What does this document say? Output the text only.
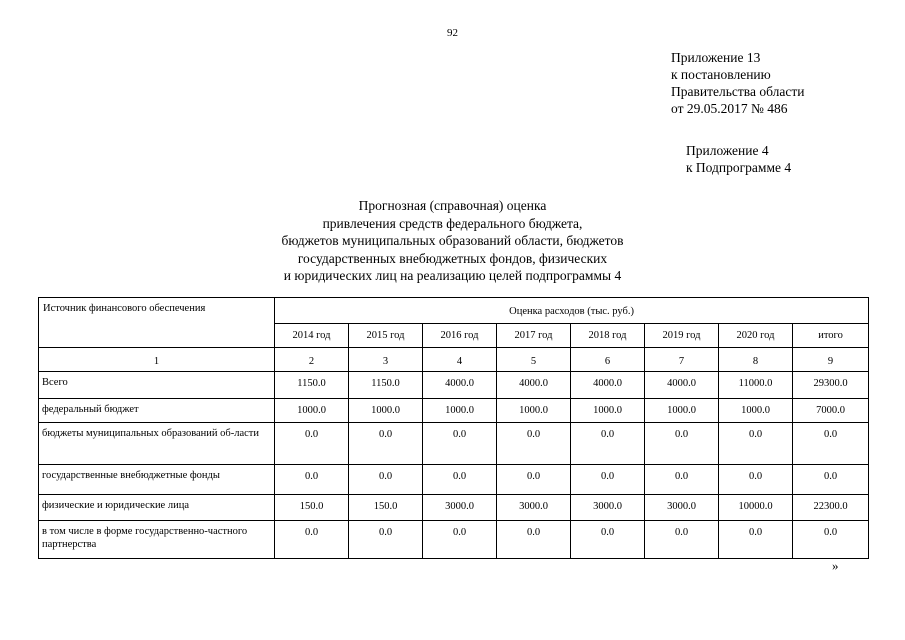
92
Приложение 13
к постановлению
Правительства области
от 29.05.2017 № 486
Приложение 4
к Подпрограмме 4
Прогнозная (справочная) оценка
привлечения средств федерального бюджета,
бюджетов муниципальных образований области, бюджетов
государственных внебюджетных фондов, физических
и юридических лиц на реализацию целей подпрограммы 4
Источник финансового обеспечения	Оценка расходов (тыс. руб.)							
	2014 год	2015 год	2016 год	2017 год	2018 год	2019 год	2020 год	итого
1	2	3	4	5	6	7	8	9
Всего	1150.0	1150.0	4000.0	4000.0	4000.0	4000.0	11000.0	29300.0
федеральный бюджет	1000.0	1000.0	1000.0	1000.0	1000.0	1000.0	1000.0	7000.0
бюджеты муниципальных образований об-ласти	0.0	0.0	0.0	0.0	0.0	0.0	0.0	0.0
государственные внебюджетные фонды	0.0	0.0	0.0	0.0	0.0	0.0	0.0	0.0
физические и юридические лица	150.0	150.0	3000.0	3000.0	3000.0	3000.0	10000.0	22300.0
в том числе в форме государственно-частного партнерства	0.0	0.0	0.0	0.0	0.0	0.0	0.0	0.0
»
